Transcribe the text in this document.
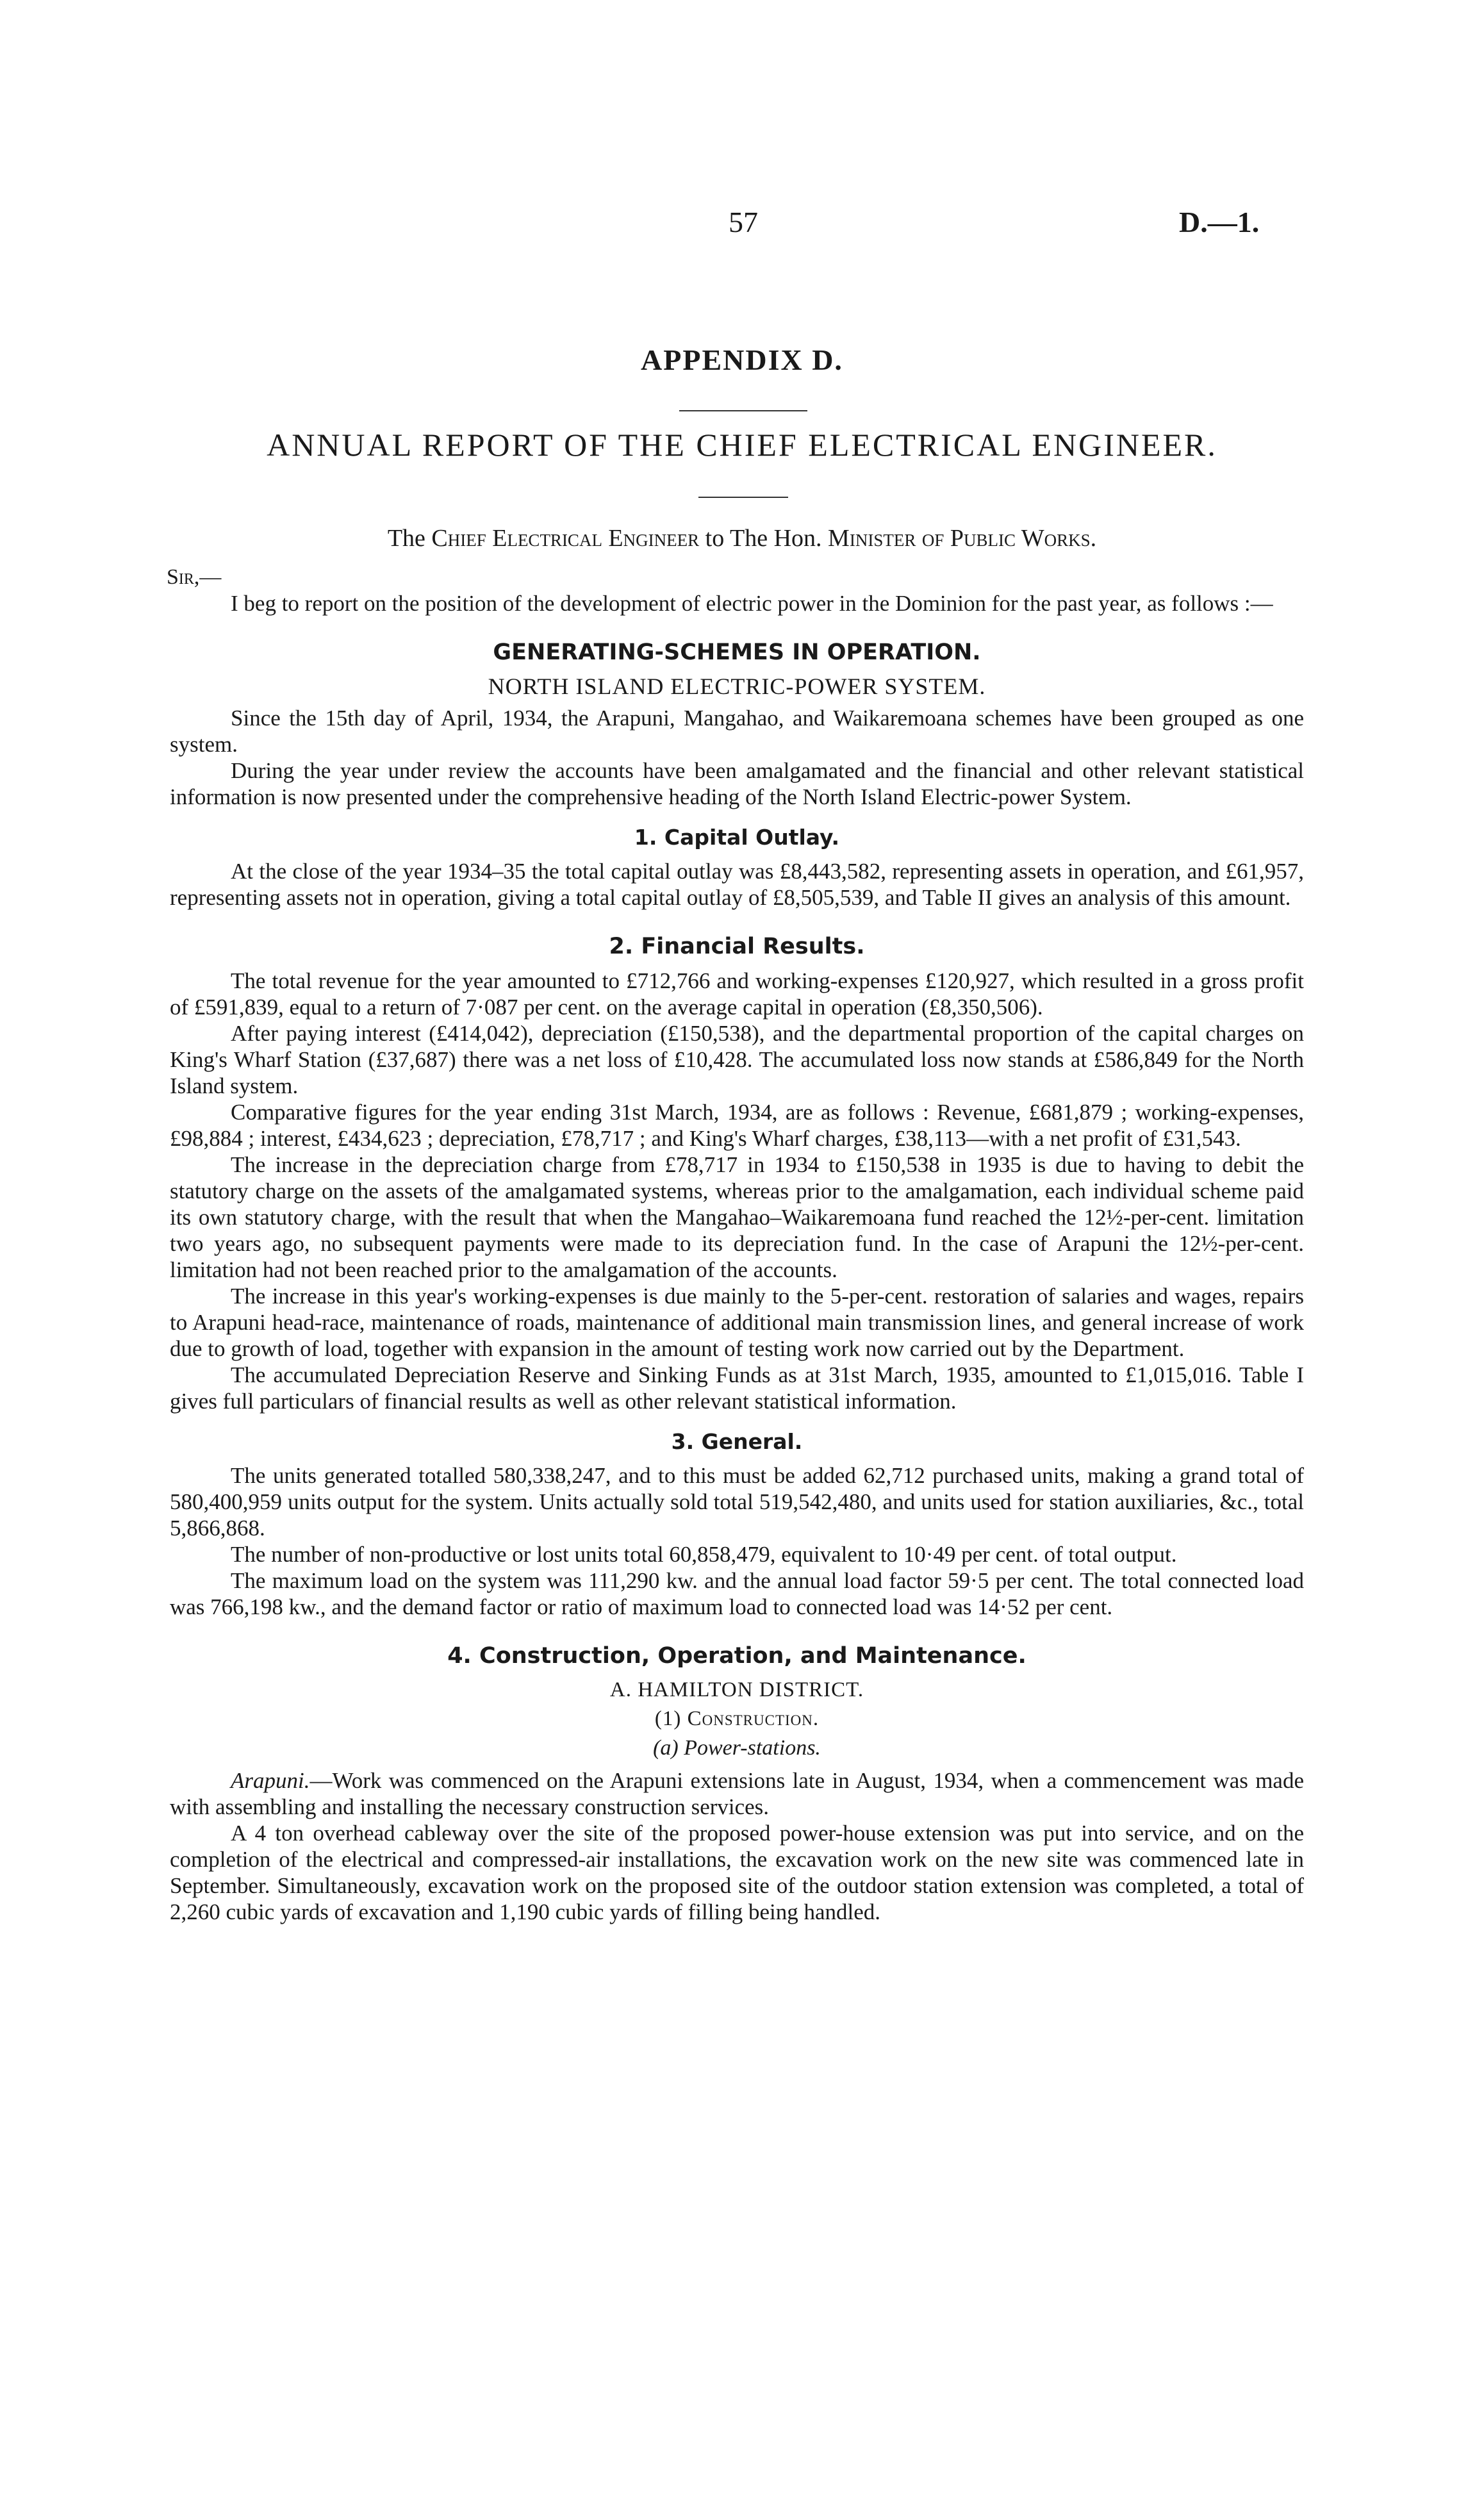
57	D.—1.
APPENDIX D.
ANNUAL REPORT OF THE CHIEF ELECTRICAL ENGINEER.
The Chief Electrical Engineer to The Hon. Minister of Public Works.

Sir,—

I beg to report on the position of the development of electric power in the Dominion for the past year, as follows :—

GENERATING-SCHEMES IN OPERATION.
NORTH ISLAND ELECTRIC-POWER SYSTEM.

Since the 15th day of April, 1934, the Arapuni, Mangahao, and Waikaremoana schemes have been grouped as one system.

During the year under review the accounts have been amalgamated and the financial and other relevant statistical information is now presented under the comprehensive heading of the North Island Electric-power System.

1. Capital Outlay.

At the close of the year 1934–35 the total capital outlay was £8,443,582, representing assets in operation, and £61,957, representing assets not in operation, giving a total capital outlay of £8,505,539, and Table II gives an analysis of this amount.

2. Financial Results.

The total revenue for the year amounted to £712,766 and working-expenses £120,927, which resulted in a gross profit of £591,839, equal to a return of 7·087 per cent. on the average capital in operation (£8,350,506).

After paying interest (£414,042), depreciation (£150,538), and the departmental proportion of the capital charges on King's Wharf Station (£37,687) there was a net loss of £10,428. The accumulated loss now stands at £586,849 for the North Island system.

Comparative figures for the year ending 31st March, 1934, are as follows : Revenue, £681,879 ; working-expenses, £98,884 ; interest, £434,623 ; depreciation, £78,717 ; and King's Wharf charges, £38,113—with a net profit of £31,543.

The increase in the depreciation charge from £78,717 in 1934 to £150,538 in 1935 is due to having to debit the statutory charge on the assets of the amalgamated systems, whereas prior to the amalgamation, each individual scheme paid its own statutory charge, with the result that when the Mangahao–Waikaremoana fund reached the 12½-per-cent. limitation two years ago, no subsequent payments were made to its depreciation fund. In the case of Arapuni the 12½-per-cent. limitation had not been reached prior to the amalgamation of the accounts.

The increase in this year's working-expenses is due mainly to the 5-per-cent. restoration of salaries and wages, repairs to Arapuni head-race, maintenance of roads, maintenance of additional main transmission lines, and general increase of work due to growth of load, together with expansion in the amount of testing work now carried out by the Department.

The accumulated Depreciation Reserve and Sinking Funds as at 31st March, 1935, amounted to £1,015,016. Table I gives full particulars of financial results as well as other relevant statistical information.

3. General.

The units generated totalled 580,338,247, and to this must be added 62,712 purchased units, making a grand total of 580,400,959 units output for the system. Units actually sold total 519,542,480, and units used for station auxiliaries, &c., total 5,866,868.

The number of non-productive or lost units total 60,858,479, equivalent to 10·49 per cent. of total output.

The maximum load on the system was 111,290 kw. and the annual load factor 59·5 per cent. The total connected load was 766,198 kw., and the demand factor or ratio of maximum load to connected load was 14·52 per cent.

4. Construction, Operation, and Maintenance.
A. HAMILTON DISTRICT.
(1) Construction.
(a) Power-stations.

Arapuni.—Work was commenced on the Arapuni extensions late in August, 1934, when a commencement was made with assembling and installing the necessary construction services.

A 4 ton overhead cableway over the site of the proposed power-house extension was put into service, and on the completion of the electrical and compressed-air installations, the excavation work on the new site was commenced late in September. Simultaneously, excavation work on the proposed site of the outdoor station extension was completed, a total of 2,260 cubic yards of excavation and 1,190 cubic yards of filling being handled.
